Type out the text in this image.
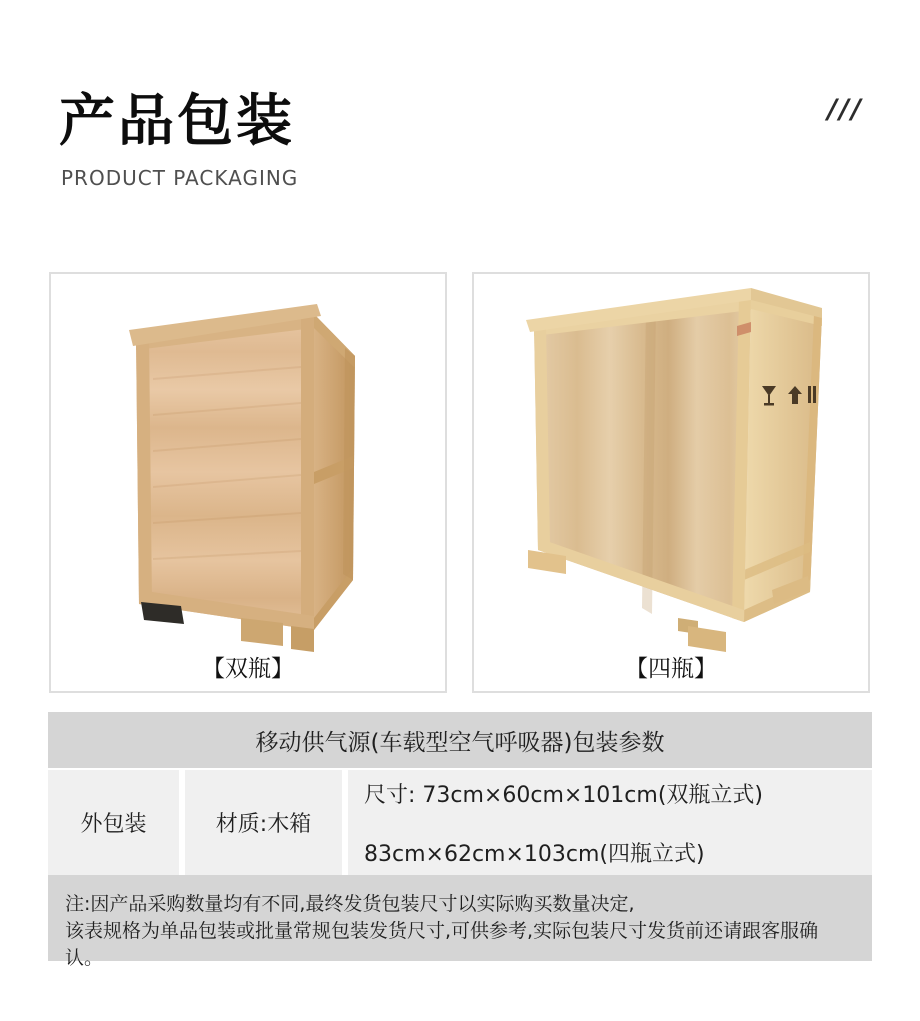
产品包装
PRODUCT PACKAGING
///
【双瓶】	【四瓶】
移动供气源(车载型空气呼吸器)包装参数
外包装	材质:木箱
尺寸: 73cm×60cm×101cm(双瓶立式)
83cm×62cm×103cm(四瓶立式)
注:因产品采购数量均有不同,最终发货包装尺寸以实际购买数量决定,
该表规格为单品包装或批量常规包装发货尺寸,可供参考,实际包装尺寸发货前还请跟客服确认。
